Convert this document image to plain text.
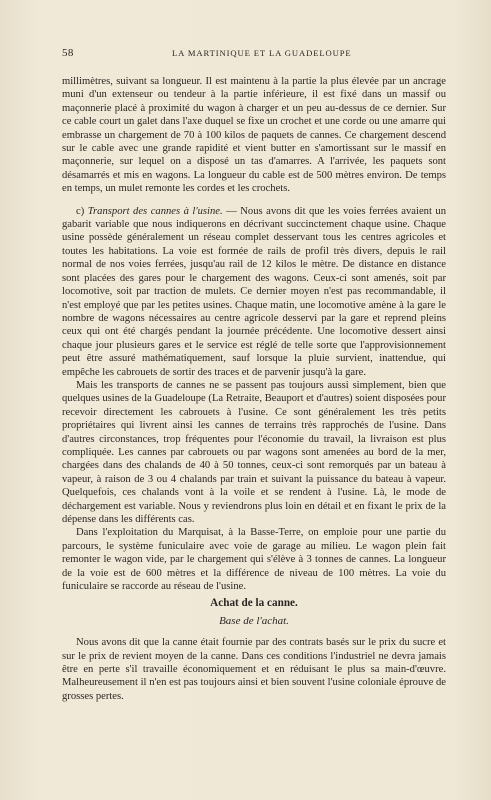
58	LA MARTINIQUE ET LA GUADELOUPE

millimètres, suivant sa longueur. Il est maintenu à la partie la plus élevée par un ancrage muni d'un extenseur ou tendeur à la partie inférieure, il est fixé dans un massif ou maçonnerie placé à proximité du wagon à charger et un peu au-dessus de ce dernier. Sur ce cable court un galet dans l'axe duquel se fixe un crochet et une corde ou une amarre qui embrasse un chargement de 70 à 100 kilos de paquets de cannes. Ce chargement descend sur le cable avec une grande rapidité et vient butter en s'amortissant sur le massif en maçonnerie, sur lequel on a disposé un tas d'amarres. A l'arrivée, les paquets sont désamarrés et mis en wagons. La longueur du cable est de 500 mètres environ. De temps en temps, un mulet remonte les cordes et les crochets.

c) Transport des cannes à l'usine. — Nous avons dit que les voies ferrées avaient un gabarit variable que nous indiquerons en décrivant succinctement chaque usine. Chaque usine possède généralement un réseau complet desservant tous les centres agricoles et toutes les habitations. La voie est formée de rails de profil très divers, depuis le rail normal de nos voies ferrées, jusqu'au rail de 12 kilos le mètre. De distance en distance sont placées des gares pour le chargement des wagons. Ceux-ci sont amenés, soit par locomotive, soit par traction de mulets. Ce dernier moyen n'est pas recommandable, il n'est employé que par les petites usines. Chaque matin, une locomotive amène à la gare le nombre de wagons nécessaires au centre agricole desservi par la gare et reprend pleins ceux qui ont été chargés pendant la journée précédente. Une locomotive dessert ainsi chaque jour plusieurs gares et le service est réglé de telle sorte que l'approvisionnement peut être assuré mathématiquement, sauf lorsque la pluie survient, inattendue, qui empêche les cabrouets de sortir des traces et de parvenir jusqu'à la gare.

Mais les transports de cannes ne se passent pas toujours aussi simplement, bien que quelques usines de la Guadeloupe (La Retraite, Beauport et d'autres) soient disposées pour recevoir directement les cabrouets à l'usine. Ce sont généralement les très petits propriétaires qui livrent ainsi les cannes de terrains très rapprochés de l'usine. Dans d'autres circonstances, trop fréquentes pour l'économie du travail, la livraison est plus compliquée. Les cannes par cabrouets ou par wagons sont amenées au bord de la mer, chargées dans des chalands de 40 à 50 tonnes, ceux-ci sont remorqués par un bateau à vapeur, à raison de 3 ou 4 chalands par train et suivant la puissance du bateau à vapeur. Quelquefois, ces chalands vont à la voile et se rendent à l'usine. Là, le mode de déchargement est variable. Nous y reviendrons plus loin en détail et en fixant le prix de la dépense dans les différents cas.

Dans l'exploitation du Marquisat, à la Basse-Terre, on emploie pour une partie du parcours, le système funiculaire avec voie de garage au milieu. Le wagon plein fait remonter le wagon vide, par le chargement qui s'élève à 3 tonnes de cannes. La longueur de la voie est de 600 mètres et la différence de niveau de 100 mètres. La voie du funiculaire se raccorde au réseau de l'usine.

Achat de la canne.
Base de l'achat.

Nous avons dit que la canne était fournie par des contrats basés sur le prix du sucre et sur le prix de revient moyen de la canne. Dans ces conditions l'industriel ne devra jamais être en perte s'il travaille économiquement et en réduisant le plus sa main-d'œuvre. Malheureusement il n'en est pas toujours ainsi et bien souvent l'usine coloniale éprouve de grosses pertes.
